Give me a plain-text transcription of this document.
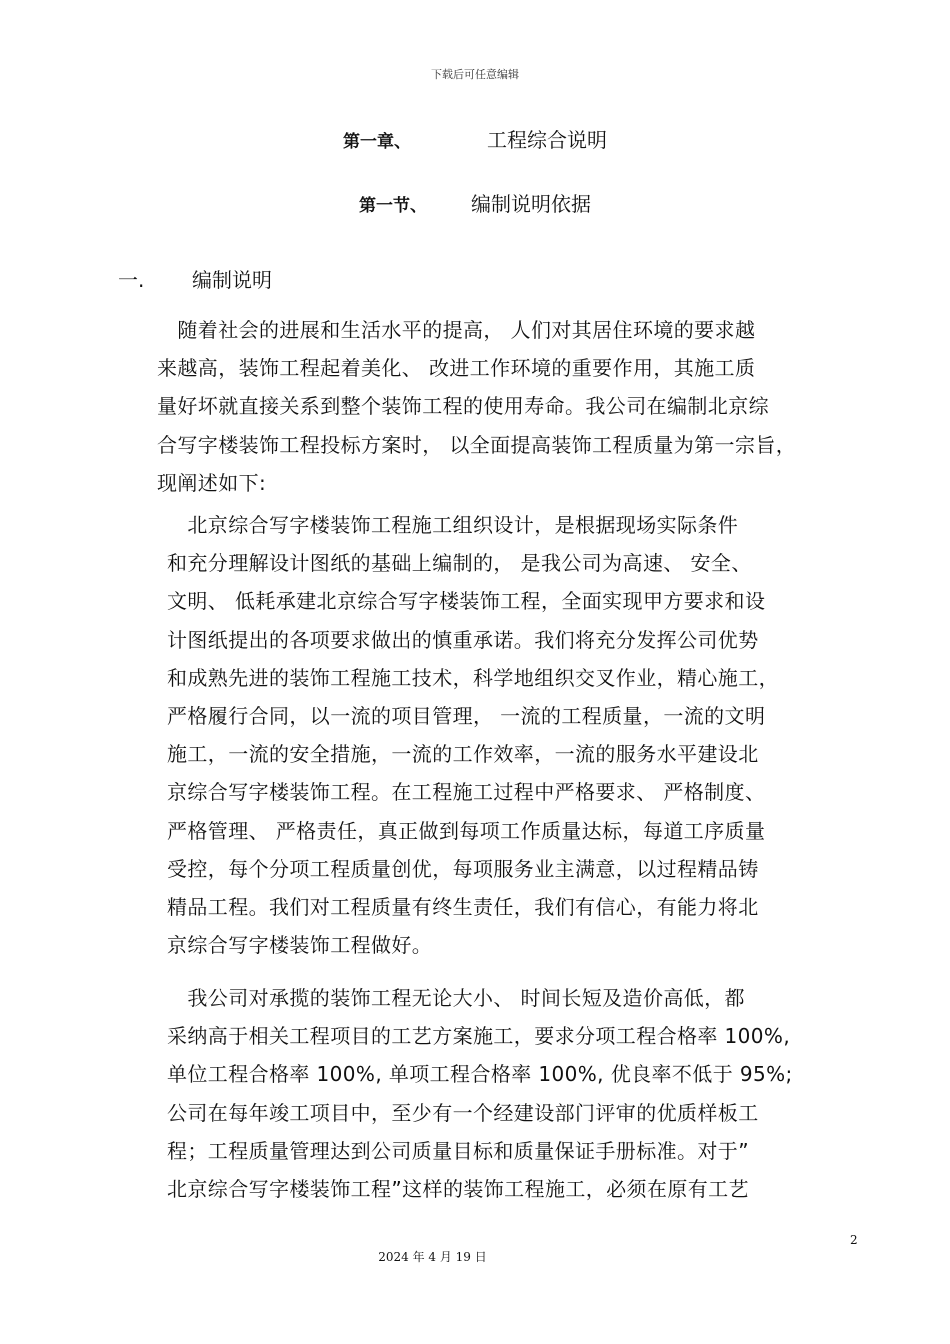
下载后可任意编辑
第一章、	工程综合说明
第一节、 编制说明依据
一. 编制说明
　随着社会的进展和生活水平的提高， 人们对其居住环境的要求越
来越高，装饰工程起着美化、 改进工作环境的重要作用，其施工质
量好坏就直接关系到整个装饰工程的使用寿命。我公司在编制北京综
合写字楼装饰工程投标方案时， 以全面提高装饰工程质量为第一宗旨，
现阐述如下:
　北京综合写字楼装饰工程施工组织设计，是根据现场实际条件
和充分理解设计图纸的基础上编制的， 是我公司为高速、 安全、
文明、 低耗承建北京综合写字楼装饰工程，全面实现甲方要求和设
计图纸提出的各项要求做出的慎重承诺。我们将充分发挥公司优势
和成熟先进的装饰工程施工技术，科学地组织交叉作业，精心施工，
严格履行合同，以一流的项目管理， 一流的工程质量，一流的文明
施工，一流的安全措施，一流的工作效率，一流的服务水平建设北
京综合写字楼装饰工程。在工程施工过程中严格要求、 严格制度、
严格管理、 严格责任，真正做到每项工作质量达标，每道工序质量
受控，每个分项工程质量创优，每项服务业主满意，以过程精品铸
精品工程。我们对工程质量有终生责任，我们有信心，有能力将北
京综合写字楼装饰工程做好。
　我公司对承揽的装饰工程无论大小、 时间长短及造价高低，都
采纳高于相关工程项目的工艺方案施工，要求分项工程合格率 100%,
单位工程合格率 100%, 单项工程合格率 100%, 优良率不低于 95%;
公司在每年竣工项目中，至少有一个经建设部门评审的优质样板工
程；工程质量管理达到公司质量目标和质量保证手册标准。对于”
北京综合写字楼装饰工程”这样的装饰工程施工，必须在原有工艺
2
2024 年 4 月 19 日
